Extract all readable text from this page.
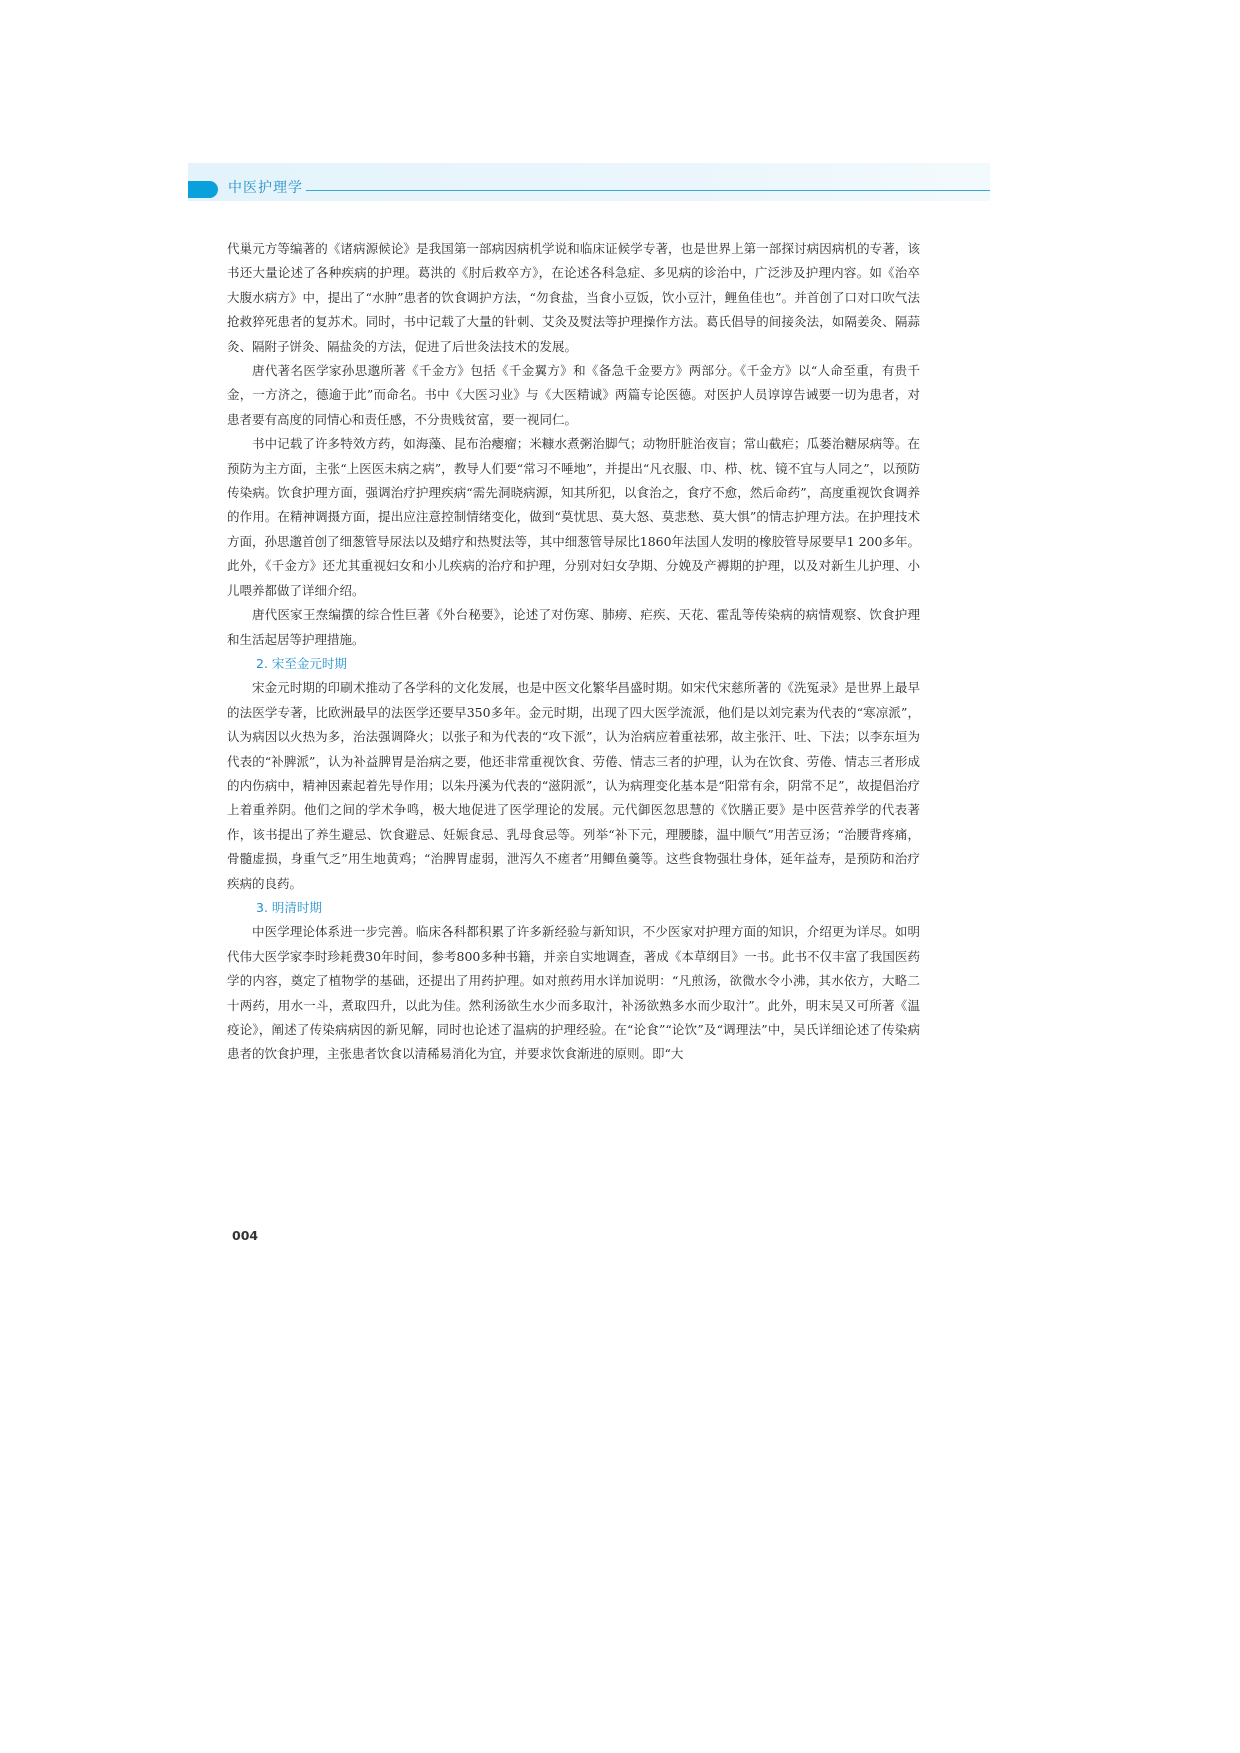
中医护理学

代巢元方等编著的《诸病源候论》是我国第一部病因病机学说和临床证候学专著，也是世界上第一部探讨病因病机的专著，该书还大量论述了各种疾病的护理。葛洪的《肘后救卒方》，在论述各科急症、多见病的诊治中，广泛涉及护理内容。如《治卒大腹水病方》中，提出了“水肿”患者的饮食调护方法，“勿食盐，当食小豆饭，饮小豆汁，鲤鱼佳也”。并首创了口对口吹气法抢救猝死患者的复苏术。同时，书中记载了大量的针刺、艾灸及熨法等护理操作方法。葛氏倡导的间接灸法，如隔姜灸、隔蒜灸、隔附子饼灸、隔盐灸的方法，促进了后世灸法技术的发展。

唐代著名医学家孙思邈所著《千金方》包括《千金翼方》和《备急千金要方》两部分。《千金方》以“人命至重，有贵千金，一方济之，德逾于此”而命名。书中《大医习业》与《大医精诚》两篇专论医德。对医护人员谆谆告诫要一切为患者，对患者要有高度的同情心和责任感，不分贵贱贫富，要一视同仁。

书中记载了许多特效方药，如海藻、昆布治瘿瘤；米糠水煮粥治脚气；动物肝脏治夜盲；常山截疟；瓜蒌治糖尿病等。在预防为主方面，主张“上医医未病之病”，教导人们要“常习不唾地”，并提出“凡衣服、巾、栉、枕、镜不宜与人同之”，以预防传染病。饮食护理方面，强调治疗护理疾病“需先洞晓病源，知其所犯，以食治之，食疗不愈，然后命药”，高度重视饮食调养的作用。在精神调摄方面，提出应注意控制情绪变化，做到“莫忧思、莫大怒、莫悲愁、莫大惧”的情志护理方法。在护理技术方面，孙思邈首创了细葱管导尿法以及蜡疗和热熨法等，其中细葱管导尿比1860年法国人发明的橡胶管导尿要早1 200多年。此外，《千金方》还尤其重视妇女和小儿疾病的治疗和护理，分别对妇女孕期、分娩及产褥期的护理，以及对新生儿护理、小儿喂养都做了详细介绍。

唐代医家王焘编撰的综合性巨著《外台秘要》，论述了对伤寒、肺痨、疟疾、天花、霍乱等传染病的病情观察、饮食护理和生活起居等护理措施。

2. 宋至金元时期

宋金元时期的印刷术推动了各学科的文化发展，也是中医文化繁华昌盛时期。如宋代宋慈所著的《洗冤录》是世界上最早的法医学专著，比欧洲最早的法医学还要早350多年。金元时期，出现了四大医学流派，他们是以刘完素为代表的“寒凉派”，认为病因以火热为多，治法强调降火；以张子和为代表的“攻下派”，认为治病应着重祛邪，故主张汗、吐、下法；以李东垣为代表的“补脾派”，认为补益脾胃是治病之要，他还非常重视饮食、劳倦、情志三者的护理，认为在饮食、劳倦、情志三者形成的内伤病中，精神因素起着先导作用；以朱丹溪为代表的“滋阴派”，认为病理变化基本是“阳常有余，阴常不足”，故提倡治疗上着重养阴。他们之间的学术争鸣，极大地促进了医学理论的发展。元代御医忽思慧的《饮膳正要》是中医营养学的代表著作，该书提出了养生避忌、饮食避忌、妊娠食忌、乳母食忌等。列举“补下元，理腰膝，温中顺气”用苦豆汤；“治腰背疼痛，骨髓虚损，身重气乏”用生地黄鸡；“治脾胃虚弱，泄泻久不瘥者”用鲫鱼羹等。这些食物强壮身体，延年益寿，是预防和治疗疾病的良药。

3. 明清时期

中医学理论体系进一步完善。临床各科都积累了许多新经验与新知识，不少医家对护理方面的知识，介绍更为详尽。如明代伟大医学家李时珍耗费30年时间，参考800多种书籍，并亲自实地调查，著成《本草纲目》一书。此书不仅丰富了我国医药学的内容，奠定了植物学的基础，还提出了用药护理。如对煎药用水详加说明：“凡煎汤，欲微水令小沸，其水依方，大略二十两药，用水一斗，煮取四升，以此为佳。然利汤欲生水少而多取汁，补汤欲熟多水而少取汁”。此外，明末吴又可所著《温疫论》，阐述了传染病病因的新见解，同时也论述了温病的护理经验。在“论食”“论饮”及“调理法”中，吴氏详细论述了传染病患者的饮食护理，主张患者饮食以清稀易消化为宜，并要求饮食渐进的原则。即“大

004
